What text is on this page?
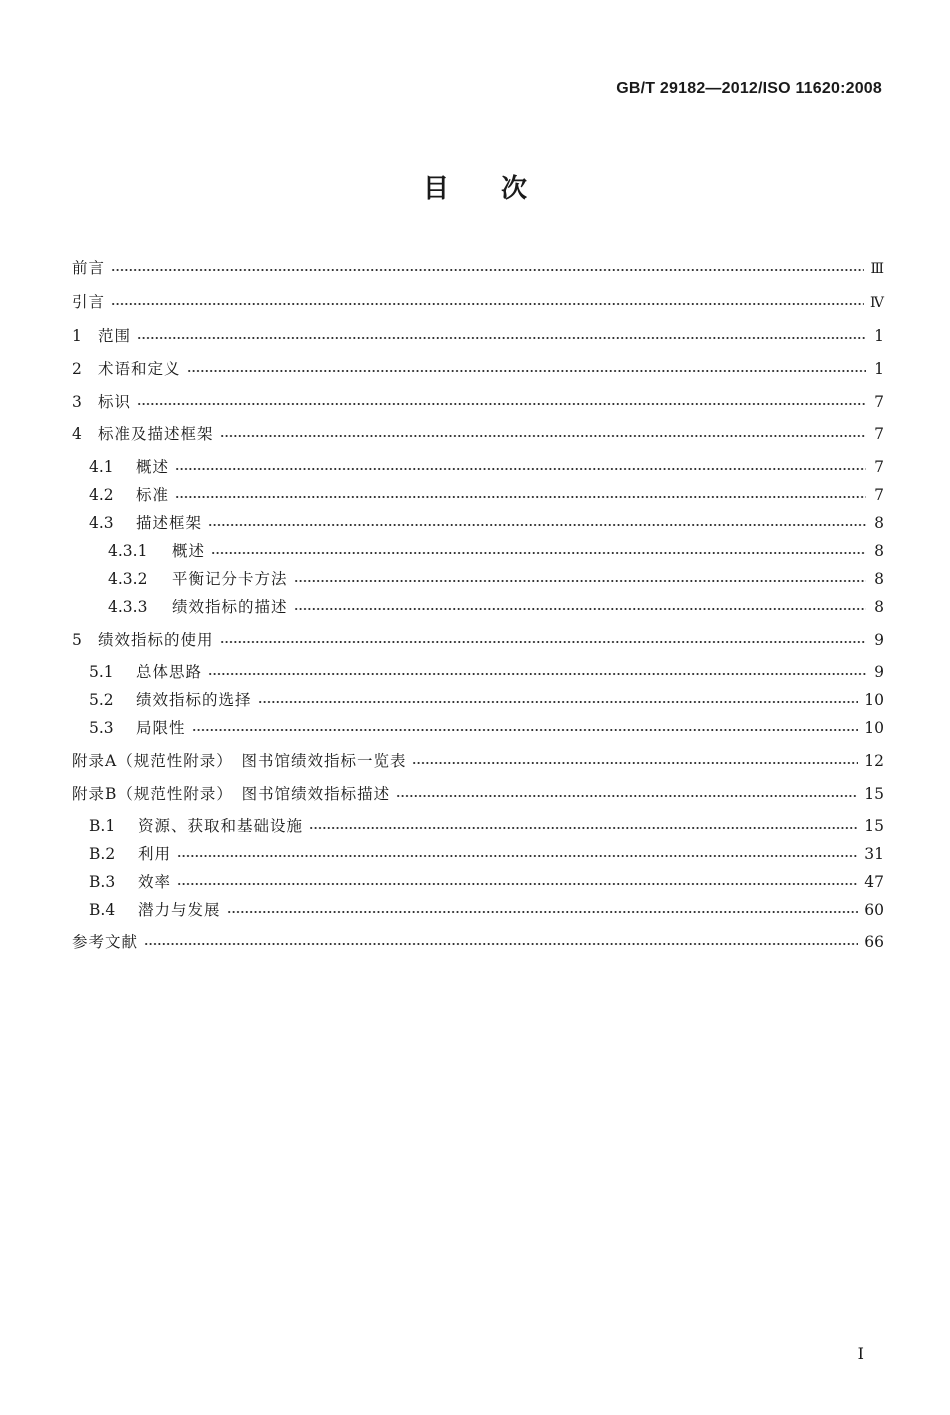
GB/T 29182—2012/ISO 11620:2008
目次
前言	Ⅲ
引言	Ⅳ
1	范围	1
2	术语和定义	1
3	标识	7
4	标准及描述框架	7
4.1	概述	7
4.2	标准	7
4.3	描述框架	8
4.3.1	概述	8
4.3.2	平衡记分卡方法	8
4.3.3	绩效指标的描述	8
5	绩效指标的使用	9
5.1	总体思路	9
5.2	绩效指标的选择	10
5.3	局限性	10
附录A（规范性附录）　图书馆绩效指标一览表	12
附录B（规范性附录）　图书馆绩效指标描述	15
B.1	资源、获取和基础设施	15
B.2	利用	31
B.3	效率	47
B.4	潜力与发展	60
参考文献	66
I
